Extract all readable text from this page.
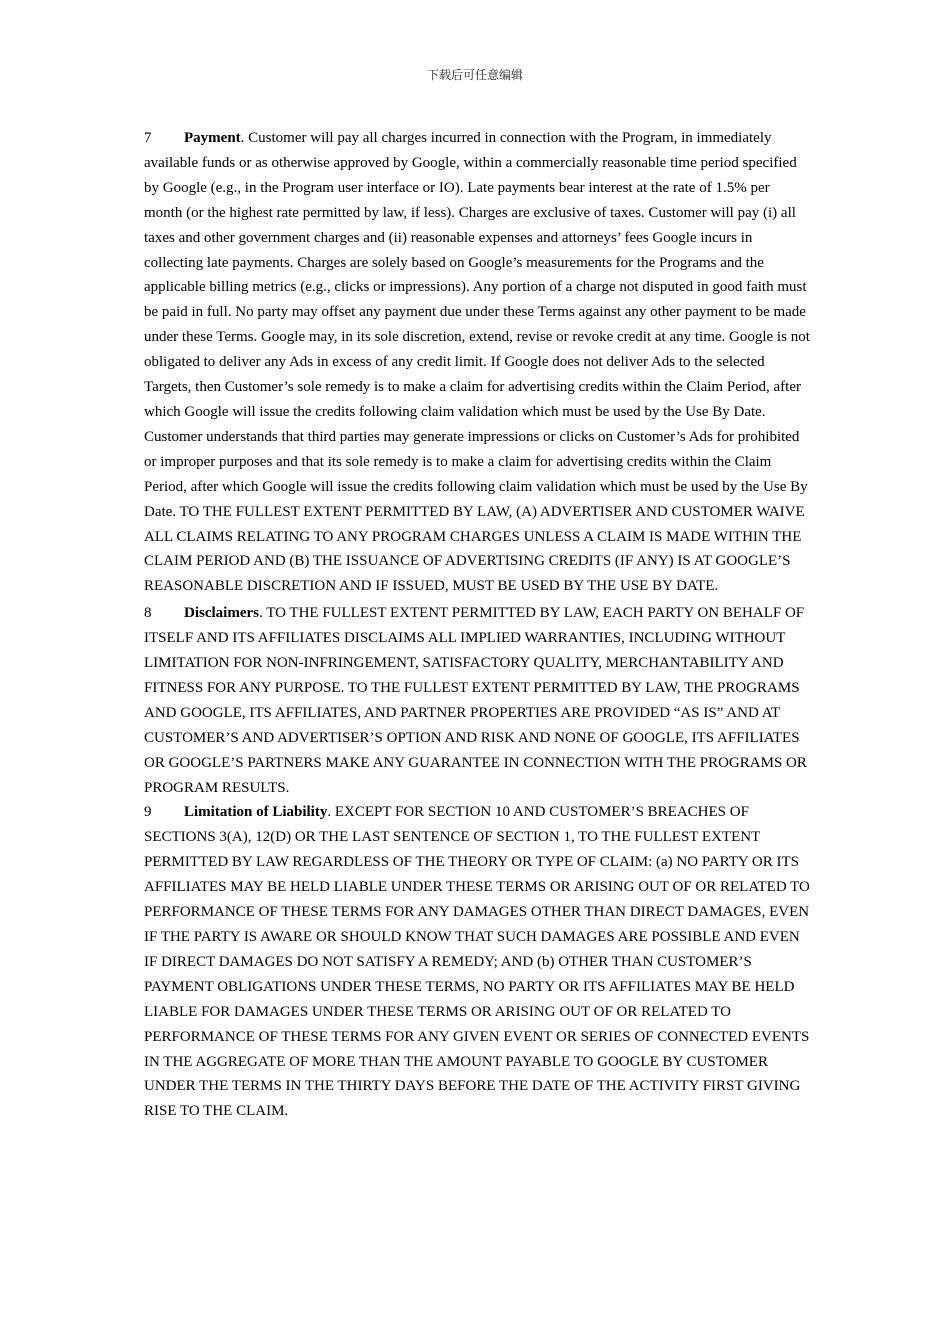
下载后可任意编辑

7 Payment. Customer will pay all charges incurred in connection with the Program, in immediately available funds or as otherwise approved by Google, within a commercially reasonable time period specified by Google (e.g., in the Program user interface or IO). Late payments bear interest at the rate of 1.5% per month (or the highest rate permitted by law, if less). Charges are exclusive of taxes. Customer will pay (i) all taxes and other government charges and (ii) reasonable expenses and attorneys’ fees Google incurs in collecting late payments. Charges are solely based on Google’s measurements for the Programs and the applicable billing metrics (e.g., clicks or impressions). Any portion of a charge not disputed in good faith must be paid in full. No party may offset any payment due under these Terms against any other payment to be made under these Terms. Google may, in its sole discretion, extend, revise or revoke credit at any time. Google is not obligated to deliver any Ads in excess of any credit limit. If Google does not deliver Ads to the selected Targets, then Customer’s sole remedy is to make a claim for advertising credits within the Claim Period, after which Google will issue the credits following claim validation which must be used by the Use By Date. Customer understands that third parties may generate impressions or clicks on Customer’s Ads for prohibited or improper purposes and that its sole remedy is to make a claim for advertising credits within the Claim Period, after which Google will issue the credits following claim validation which must be used by the Use By Date. TO THE FULLEST EXTENT PERMITTED BY LAW, (A) ADVERTISER AND CUSTOMER WAIVE ALL CLAIMS RELATING TO ANY PROGRAM CHARGES UNLESS A CLAIM IS MADE WITHIN THE CLAIM PERIOD AND (B) THE ISSUANCE OF ADVERTISING CREDITS (IF ANY) IS AT GOOGLE’S REASONABLE DISCRETION AND IF ISSUED, MUST BE USED BY THE USE BY DATE.

8 Disclaimers. TO THE FULLEST EXTENT PERMITTED BY LAW, EACH PARTY ON BEHALF OF ITSELF AND ITS AFFILIATES DISCLAIMS ALL IMPLIED WARRANTIES, INCLUDING WITHOUT LIMITATION FOR NON-INFRINGEMENT, SATISFACTORY QUALITY, MERCHANTABILITY AND FITNESS FOR ANY PURPOSE. TO THE FULLEST EXTENT PERMITTED BY LAW, THE PROGRAMS AND GOOGLE, ITS AFFILIATES, AND PARTNER PROPERTIES ARE PROVIDED “AS IS” AND AT CUSTOMER’S AND ADVERTISER’S OPTION AND RISK AND NONE OF GOOGLE, ITS AFFILIATES OR GOOGLE’S PARTNERS MAKE ANY GUARANTEE IN CONNECTION WITH THE PROGRAMS OR PROGRAM RESULTS.

9 Limitation of Liability. EXCEPT FOR SECTION 10 AND CUSTOMER’S BREACHES OF SECTIONS 3(A), 12(D) OR THE LAST SENTENCE OF SECTION 1, TO THE FULLEST EXTENT PERMITTED BY LAW REGARDLESS OF THE THEORY OR TYPE OF CLAIM: (a) NO PARTY OR ITS AFFILIATES MAY BE HELD LIABLE UNDER THESE TERMS OR ARISING OUT OF OR RELATED TO PERFORMANCE OF THESE TERMS FOR ANY DAMAGES OTHER THAN DIRECT DAMAGES, EVEN IF THE PARTY IS AWARE OR SHOULD KNOW THAT SUCH DAMAGES ARE POSSIBLE AND EVEN IF DIRECT DAMAGES DO NOT SATISFY A REMEDY; AND (b) OTHER THAN CUSTOMER’S PAYMENT OBLIGATIONS UNDER THESE TERMS, NO PARTY OR ITS AFFILIATES MAY BE HELD LIABLE FOR DAMAGES UNDER THESE TERMS OR ARISING OUT OF OR RELATED TO PERFORMANCE OF THESE TERMS FOR ANY GIVEN EVENT OR SERIES OF CONNECTED EVENTS IN THE AGGREGATE OF MORE THAN THE AMOUNT PAYABLE TO GOOGLE BY CUSTOMER UNDER THE TERMS IN THE THIRTY DAYS BEFORE THE DATE OF THE ACTIVITY FIRST GIVING RISE TO THE CLAIM.
